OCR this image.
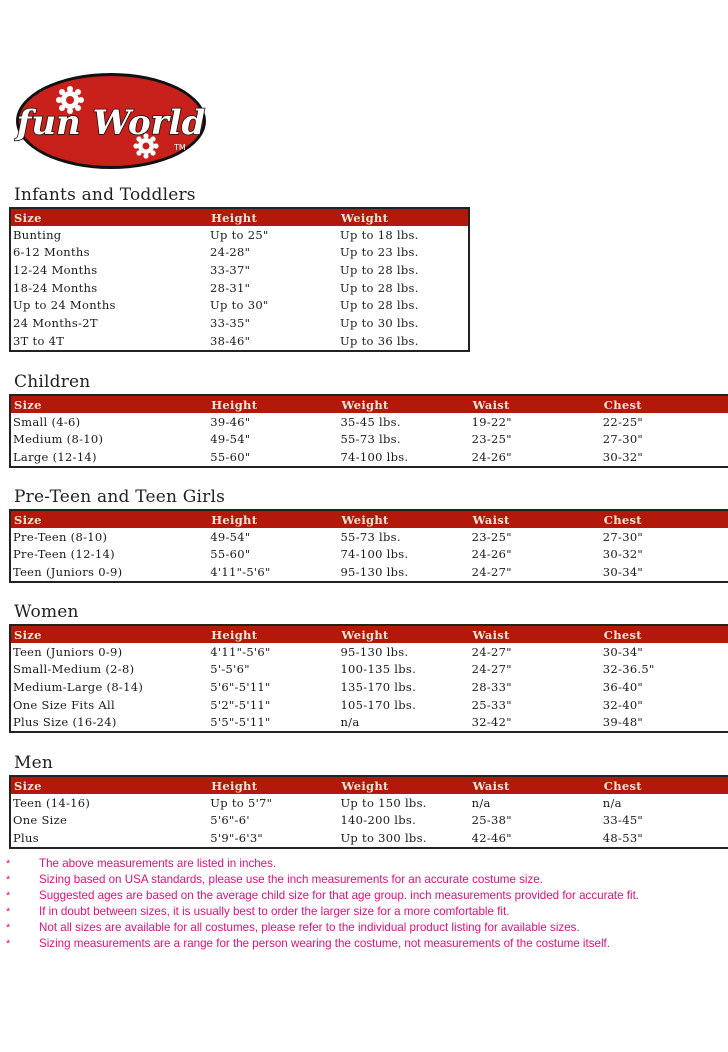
fun World
TM
Infants and Toddlers
Size	Height	Weight
Bunting	Up to 25"	Up to 18 lbs.
6-12 Months	24-28"	Up to 23 lbs.
12-24 Months	33-37"	Up to 28 lbs.
18-24 Months	28-31"	Up to 28 lbs.
Up to 24 Months	Up to 30"	Up to 28 lbs.
24 Months-2T	33-35"	Up to 30 lbs.
3T to 4T	38-46"	Up to 36 lbs.
Children
Size	Height	Weight	Waist	Chest
Small (4-6)	39-46"	35-45 lbs.	19-22"	22-25"
Medium (8-10)	49-54"	55-73 lbs.	23-25"	27-30"
Large (12-14)	55-60"	74-100 lbs.	24-26"	30-32"
Pre-Teen and Teen Girls
Size	Height	Weight	Waist	Chest
Pre-Teen (8-10)	49-54"	55-73 lbs.	23-25"	27-30"
Pre-Teen (12-14)	55-60"	74-100 lbs.	24-26"	30-32"
Teen (Juniors 0-9)	4'11"-5'6"	95-130 lbs.	24-27"	30-34"
Women
Size	Height	Weight	Waist	Chest
Teen (Juniors 0-9)	4'11"-5'6"	95-130 lbs.	24-27"	30-34"
Small-Medium (2-8)	5'-5'6"	100-135 lbs.	24-27"	32-36.5"
Medium-Large (8-14)	5'6"-5'11"	135-170 lbs.	28-33"	36-40"
One Size Fits All	5'2"-5'11"	105-170 lbs.	25-33"	32-40"
Plus Size (16-24)	5'5"-5'11"	n/a	32-42"	39-48"
Men
Size	Height	Weight	Waist	Chest
Teen (14-16)	Up to 5'7"	Up to 150 lbs.	n/a	n/a
One Size	5'6"-6'	140-200 lbs.	25-38"	33-45"
Plus	5'9"-6'3"	Up to 300 lbs.	42-46"	48-53"
* The above measurements are listed in inches.
* Sizing based on USA standards, please use the inch measurements for an accurate costume size.
* Suggested ages are based on the average child size for that age group. inch measurements provided for accurate fit.
* If in doubt between sizes, it is usually best to order the larger size for a more comfortable fit.
* Not all sizes are available for all costumes, please refer to the individual product listing for available sizes.
* Sizing measurements are a range for the person wearing the costume, not measurements of the costume itself.
